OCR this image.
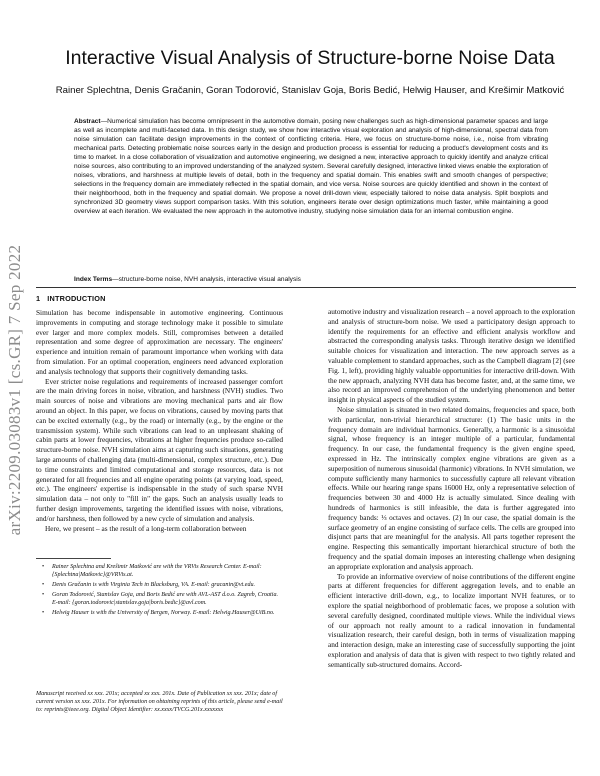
arXiv:2209.03083v1 [cs.GR] 7 Sep 2022
Interactive Visual Analysis of Structure-borne Noise Data
Rainer Splechtna, Denis Gračanin, Goran Todorović, Stanislav Goja, Boris Bedić, Helwig Hauser, and Krešimir Matković

Abstract—Numerical simulation has become omnipresent in the automotive domain, posing new challenges such as high-dimensional parameter spaces and large as well as incomplete and multi-faceted data. In this design study, we show how interactive visual exploration and analysis of high-dimensional, spectral data from noise simulation can facilitate design improvements in the context of conflicting criteria. Here, we focus on structure-borne noise, i.e., noise from vibrating mechanical parts. Detecting problematic noise sources early in the design and production process is essential for reducing a product's development costs and its time to market. In a close collaboration of visualization and automotive engineering, we designed a new, interactive approach to quickly identify and analyze critical noise sources, also contributing to an improved understanding of the analyzed system. Several carefully designed, interactive linked views enable the exploration of noises, vibrations, and harshness at multiple levels of detail, both in the frequency and spatial domain. This enables swift and smooth changes of perspective; selections in the frequency domain are immediately reflected in the spatial domain, and vice versa. Noise sources are quickly identified and shown in the context of their neighborhood, both in the frequency and spatial domain. We propose a novel drill-down view, especially tailored to noise data analysis. Split boxplots and synchronized 3D geometry views support comparison tasks. With this solution, engineers iterate over design optimizations much faster, while maintaining a good overview at each iteration. We evaluated the new approach in the automotive industry, studying noise simulation data for an internal combustion engine.

Index Terms—structure-borne noise, NVH analysis, interactive visual analysis
1 INTRODUCTION

Simulation has become indispensable in automotive engineering. Continuous improvements in computing and storage technology make it possible to simulate ever larger and more complex models. Still, compromises between a detailed representation and some degree of approximation are necessary. The engineers' experience and intuition remain of paramount importance when working with data from simulation. For an optimal cooperation, engineers need advanced exploration and analysis technology that supports their cognitively demanding tasks.

Ever stricter noise regulations and requirements of increased passenger comfort are the main driving forces in noise, vibration, and harshness (NVH) studies. Two main sources of noise and vibrations are moving mechanical parts and air flow around an object. In this paper, we focus on vibrations, caused by moving parts that can be excited externally (e.g., by the road) or internally (e.g., by the engine or the transmission system). While such vibrations can lead to an unpleasant shaking of cabin parts at lower frequencies, vibrations at higher frequencies produce so-called structure-borne noise. NVH simulation aims at capturing such situations, generating large amounts of challenging data (multi-dimensional, complex structure, etc.). Due to time constraints and limited computational and storage resources, data is not generated for all frequencies and all engine operating points (at varying load, speed, etc.). The engineers' expertise is indispensable in the study of such sparse NVH simulation data – not only to "fill in" the gaps. Such an analysis usually leads to further design improvements, targeting the identified issues with noise, vibrations, and/or harshness, then followed by a new cycle of simulation and analysis.

Here, we present – as the result of a long-term collaboration between

• Rainer Splechtna and Krešimir Matković are with the VRVis Research Center. E-mail: {Splechtna|Matkovic}@VRVis.at.
• Denis Gračanin is with Virginia Tech in Blacksburg, VA. E-mail: gracanin@vt.edu.
• Goran Todorović, Stanislav Goja, and Boris Bedić are with AVL-AST d.o.o. Zagreb, Croatia. E-mail: {goran.todorovic|stanislav.goja|boris.bedic}@avl.com.
• Helwig Hauser is with the University of Bergen, Norway. E-mail: Helwig.Hauser@UiB.no.

Manuscript received xx xxx. 201x; accepted xx xxx. 201x. Date of Publication xx xxx. 201x; date of current version xx xxx. 201x. For information on obtaining reprints of this article, please send e-mail to: reprints@ieee.org. Digital Object Identifier: xx.xxxx/TVCG.201x.xxxxxxx

automotive industry and visualization research – a novel approach to the exploration and analysis of structure-born noise. We used a participatory design approach to identify the requirements for an effective and efficient analysis workflow and abstracted the corresponding analysis tasks. Through iterative design we identified suitable choices for visualization and interaction. The new approach serves as a valuable complement to standard approaches, such as the Campbell diagram [2] (see Fig. 1, left), providing highly valuable opportunities for interactive drill-down. With the new approach, analyzing NVH data has become faster, and, at the same time, we also record an improved comprehension of the underlying phenomenon and better insight in physical aspects of the studied system.

Noise simulation is situated in two related domains, frequencies and space, both with particular, non-trivial hierarchical structure: (1) The basic units in the frequency domain are individual harmonics. Generally, a harmonic is a sinusoidal signal, whose frequency is an integer multiple of a particular, fundamental frequency. In our case, the fundamental frequency is the given engine speed, expressed in Hz. The intrinsically complex engine vibrations are given as a superposition of numerous sinusoidal (harmonic) vibrations. In NVH simulation, we compute sufficiently many harmonics to successfully capture all relevant vibration effects. While our hearing range spans 16000 Hz, only a representative selection of frequencies between 30 and 4000 Hz is actually simulated. Since dealing with hundreds of harmonics is still infeasible, the data is further aggregated into frequency bands: ⅓ octaves and octaves. (2) In our case, the spatial domain is the surface geometry of an engine consisting of surface cells. The cells are grouped into disjunct parts that are meaningful for the analysis. All parts together represent the engine. Respecting this semantically important hierarchical structure of both the frequency and the spatial domain imposes an interesting challenge when designing an appropriate exploration and analysis approach.

To provide an informative overview of noise contributions of the different engine parts at different frequencies for different aggregation levels, and to enable an efficient interactive drill-down, e.g., to localize important NVH features, or to explore the spatial neighborhood of problematic faces, we propose a solution with several carefully designed, coordinated multiple views. While the individual views of our approach not really amount to a radical innovation in fundamental visualization research, their careful design, both in terms of visualization mapping and interaction design, make an interesting case of successfully supporting the joint exploration and analysis of data that is given with respect to two tightly related and semantically sub-structured domains. Accord-
